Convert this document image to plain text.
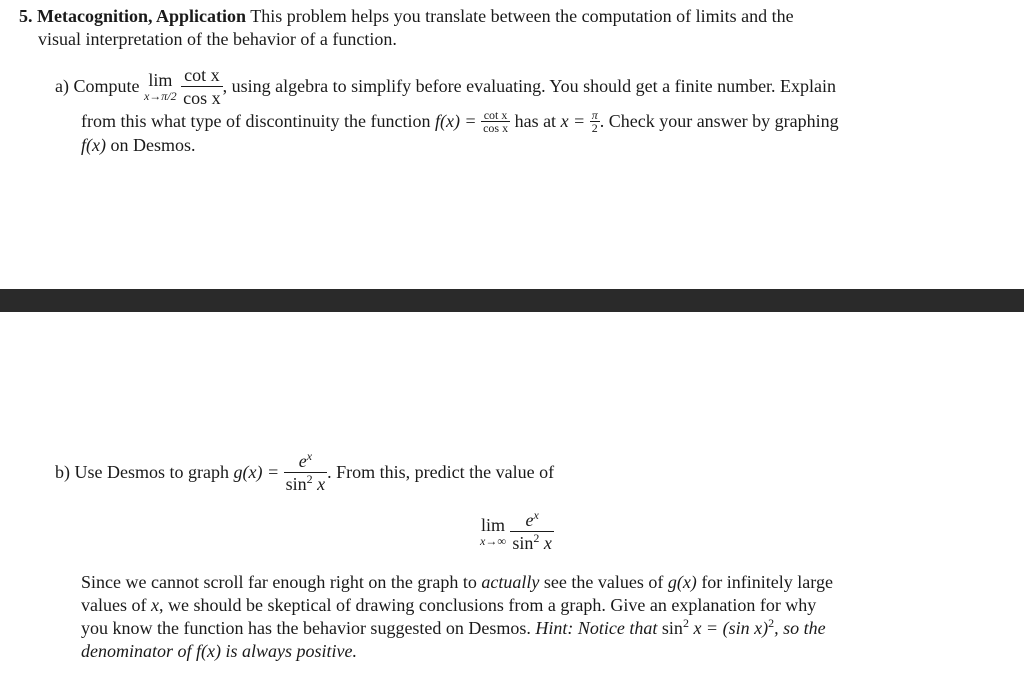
5. Metacognition, Application This problem helps you translate between the computation of limits and the
visual interpretation of the behavior of a function.
a)
Compute
lim
x→π/2
$\frac{\text{cot x}}{\text{cos x}}$ , using algebra to simplify before evaluating. You should get a finite number. Explain
from this what type of discontinuity the function
f(x) =
$\frac{\text{cot x}}{\text{cos x}}$
has at
x =
$\frac{\pi}{2}$ . Check your answer by graphing
f(x) on Desmos.
b)
Use Desmos to graph
g(x) =
$\frac{e^x}{\sin^2 x}$ . From this, predict the value of
lim
x→∞
$\frac{e^x}{\sin^2 x}$
Since we cannot scroll far enough right on the graph to actually see the values of g(x) for infinitely large
values of x, we should be skeptical of drawing conclusions from a graph. Give an explanation for why
you know the function has the behavior suggested on Desmos. Hint: Notice that $\sin^2 x = (\sin$ x)$^2$, so the
denominator of f(x) is always positive.
